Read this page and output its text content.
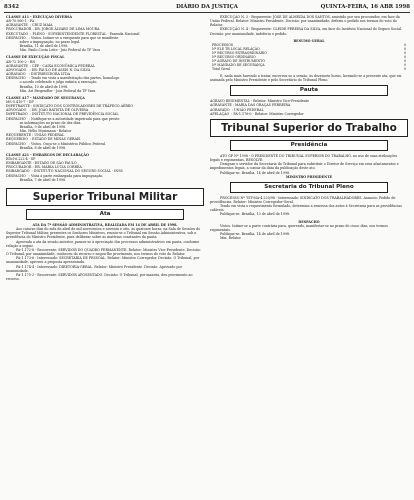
8342	DIÁRIO DA JUSTIÇA	QUINTA-FEIRA, 16 ABR 1998

CLASSE A11 - EXECUÇÃO DIVERSA

AR-70.960-1 - PA

AGRAVANTE  : CRUZ MAIA

PROCURADOR : DR. JORGE ÁLVARO DE LIMA MOURA

EXECUTADO  : PLENO - SUPERINTENDENTE FLORESTAL - Fazenda Nacional

DESPACHO   : Vistos. Intime-se a exequente para que se manifeste

sobre a impugnação, no prazo legal.

Brasília, 11 de abril de 1998.

Min. Paulo Costa Leite - Juiz Federal do TF Vara

CLASSE DE EXECUÇÃO FISCAL

AR-72.100-2 - RN

AGRAVANTE  : CEF - CAIXA ECONÔMICA FEDERAL

ADVOGADO   : DR. PAULO DE ASSIS N. DA SILVA

AGRAVADO   : DISTRIBUIDORA LTDA

DESPACHO   : Tendo em vista a manifestação das partes, homologo

o acordo celebrado e julgo extinta a execução.

Brasília, 10 de abril de 1998.

Min. Ari Pargendler - Juiz Federal da TF Vara

CLASSE A17 - MANDADO DE SEGURANÇA

MS-5.410-7 - DF

IMPETRANTE : SINDICATO DOS CONTROLADORES DE TRÁFEGO AÉREO

ADVOGADO   : DR. JOÃO BATISTA DE OLIVEIRA

IMPETRADO  : INSTITUTO NACIONAL DE PREVIDÊNCIA SOCIAL

DESPACHO   : Notifique-se a autoridade impetrada para que preste

as informações no prazo de dez dias.

Brasília, 9 de abril de 1998.

Min. Hélio Mosimann - Relator

REQUERENTE : UNIÃO FEDERAL

REQUERIDO  : ESTADO DE MINAS GERAIS

DESPACHO   : Vistos. Ouça-se o Ministério Público Federal.

Brasília, 8 de abril de 1998.

CLASSE A21 - EMBARGOS DE DECLARAÇÃO

EDcl-6.222-4 - SP

EMBARGANTE : ESTADO DE SÃO PAULO

PROCURADOR : DR. MARIA LÚCIA CORRÊA

EMBARGADO  : INSTITUTO NACIONAL DO SEGURO SOCIAL - INSS

DESPACHO   : Vista à parte embargada para impugnação.

Brasília, 7 de abril de 1998.

Superior Tribunal Militar
Ata

ATA DA 7ª SESSÃO ADMINISTRATIVA, REALIZADA EM 14 DE ABRIL DE 1998.

Aos catorze dias do mês de abril de mil novecentos e noventa e oito, às quatorze horas, na Sala de Sessões do Superior Tribunal Militar, presentes os Senhores Ministros, reuniu-se o Tribunal em Sessão Administrativa, sob a presidência do Ministro Presidente, para deliberar sobre as matérias constantes da pauta.

Aprovada a ata da sessão anterior, passou-se à apreciação dos processos administrativos em pauta, conforme relação a seguir.

PA-1.172-8 - Recorrente: SERVIDOR DO QUADRO PERMANENTE. Relator: Ministro Vice-Presidente. Decisão: O Tribunal, por unanimidade, conheceu do recurso e negou-lhe provimento, nos termos do voto do Relator.

PA-1.173-6 - Interessado: SECRETARIA DE PESSOAL. Relator: Ministro Corregedor. Decisão: O Tribunal, por unanimidade, aprovou a proposta apresentada.

PA-1.174-4 - Interessado: DIRETORIA-GERAL. Relator: Ministro Presidente. Decisão: Aprovado por unanimidade.

PA-1.175-2 - Recorrente: SERVIDOR APOSENTADO. Decisão: O Tribunal, por maioria, deu provimento ao recurso.

EXECUÇÃO N. 3 - Requerente: JOSÉ DE ALMEIDA DOS SANTOS, assistido por seu procurador, em face da União Federal. Relator: Ministro Presidente. Decisão: por unanimidade, deferiu o pedido nos termos do voto do Relator.

EXECUÇÃO N. 4 - Requerente: CLEIDE PEREIRA DA SILVA, em face do Instituto Nacional do Seguro Social. Decisão: por unanimidade, indeferiu o pedido.

RESUMO GERAL

PROCESSOS	0
Nº ELE TR LOCAL RELAÇÃO	0
Nº RECURSO EXTRAORDINÁRIO	0
Nº RECURSO ORDINÁRIO	0
Nº AGRAVO DE INSTRUMENTO	0
Nº MANDADO DE SEGURANÇA	0
Total Geral	0

E, nada mais havendo a tratar, encerrou-se a sessão, às dezessete horas, lavrando-se a presente ata, que vai assinada pelo Ministro Presidente e pelo Secretário do Tribunal Pleno.

Pauta

AGRAVO REGIMENTAL - Relator: Ministro Vice-Presidente

AGRAVANTE : MARIA DAS GRAÇAS FERREIRA

AGRAVADO  : UNIÃO FEDERAL

APELAÇÃO  : PA-1.176-0 - Relator: Ministro Corregedor

Tribunal Superior do Trabalho
Presidência

ATO GP Nº 1998 - O PRESIDENTE DO TRIBUNAL SUPERIOR DO TRABALHO, no uso de suas atribuições legais e regimentais, RESOLVE:

Designar o servidor da Secretaria do Tribunal para substituir o Diretor de Serviço em seus afastamentos e impedimentos legais, a contar da data da publicação deste ato.

Publique-se. Brasília, 14 de abril de 1998.

MINISTRO PRESIDENTE

Secretaria do Tribunal Pleno

PROCESSO Nº TST-MA-4.220/98 - Interessado: SINDICATO DOS TRABALHADORES. Assunto: Pedido de providências. Relator: Ministro Corregedor-Geral.

Tendo em vista o requerimento formulado, determino a remessa dos autos à Secretaria para as providências cabíveis.

Publique-se. Brasília, 13 de abril de 1998.

DESPACHO

Vistos. Intime-se a parte contrária para, querendo, manifestar-se no prazo de cinco dias, nos termos regimentais.

Publique-se. Brasília, 14 de abril de 1998.

Min. Relator
